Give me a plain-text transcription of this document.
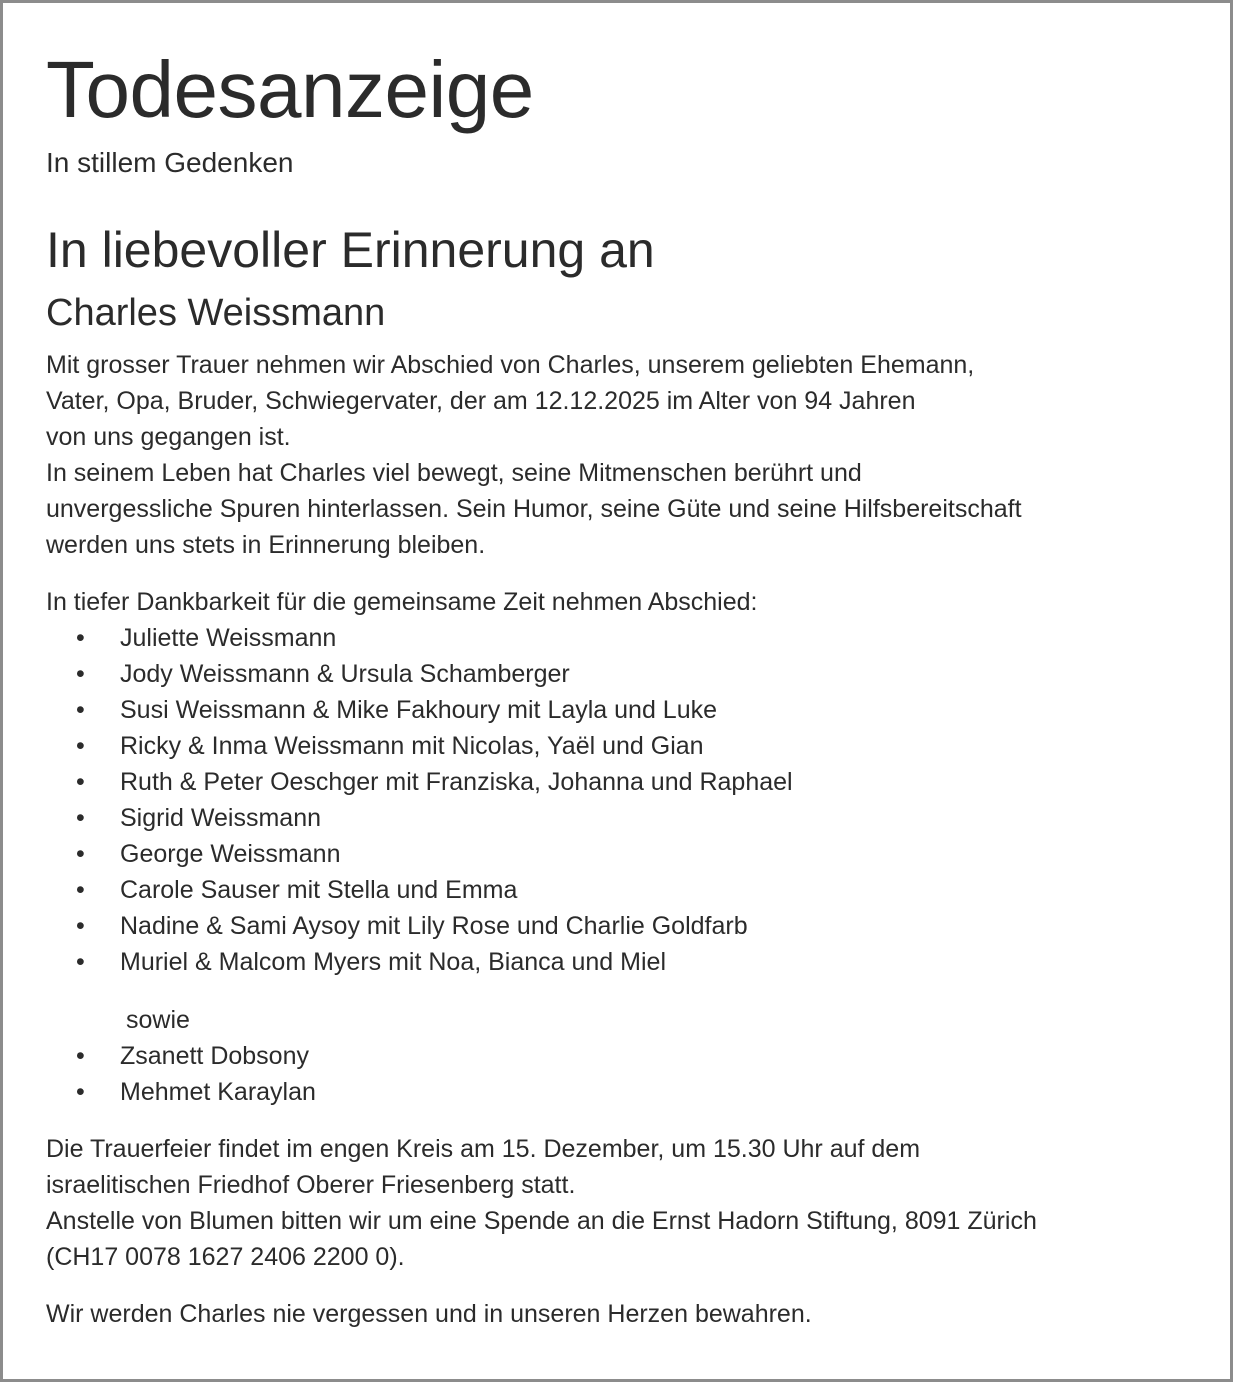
Todesanzeige
In stillem Gedenken
In liebevoller Erinnerung an
Charles Weissmann
Mit grosser Trauer nehmen wir Abschied von Charles, unserem geliebten Ehemann,
Vater, Opa, Bruder, Schwiegervater, der am 12.12.2025 im Alter von 94 Jahren
von uns gegangen ist.
In seinem Leben hat Charles viel bewegt, seine Mitmenschen berührt und
unvergessliche Spuren hinterlassen. Sein Humor, seine Güte und seine Hilfsbereitschaft
werden uns stets in Erinnerung bleiben.
In tiefer Dankbarkeit für die gemeinsame Zeit nehmen Abschied:
• Juliette Weissmann
• Jody Weissmann & Ursula Schamberger
• Susi Weissmann & Mike Fakhoury mit Layla und Luke
• Ricky & Inma Weissmann mit Nicolas, Yaël und Gian
• Ruth & Peter Oeschger mit Franziska, Johanna und Raphael
• Sigrid Weissmann
• George Weissmann
• Carole Sauser mit Stella und Emma
• Nadine & Sami Aysoy mit Lily Rose und Charlie Goldfarb
• Muriel & Malcom Myers mit Noa, Bianca und Miel
sowie
• Zsanett Dobsony
• Mehmet Karaylan
Die Trauerfeier findet im engen Kreis am 15. Dezember, um 15.30 Uhr auf dem
israelitischen Friedhof Oberer Friesenberg statt.
Anstelle von Blumen bitten wir um eine Spende an die Ernst Hadorn Stiftung, 8091 Zürich
(CH17 0078 1627 2406 2200 0).
Wir werden Charles nie vergessen und in unseren Herzen bewahren.
